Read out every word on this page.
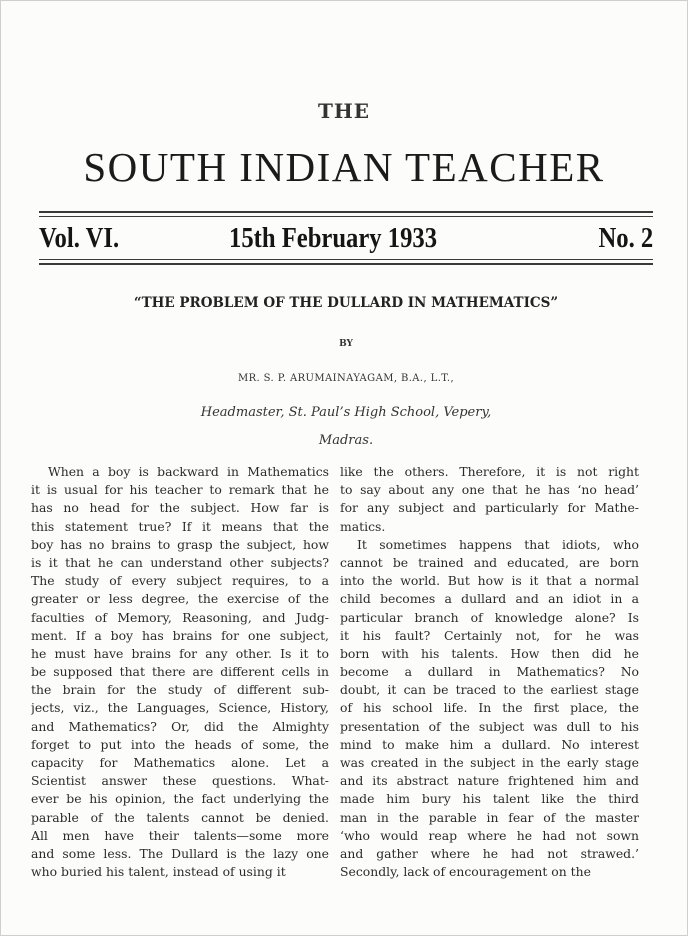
THE
SOUTH INDIAN TEACHER
Vol. VI.	15th February 1933	No. 2
“THE PROBLEM OF THE DULLARD IN MATHEMATICS”
BY
MR. S. P. ARUMAINAYAGAM, B.A., L.T.,
Headmaster, St. Paul’s High School, Vepery,
Madras.
When a boy is backward in Mathematics
it is usual for his teacher to remark that he
has no head for the subject. How far is
this statement true? If it means that the
boy has no brains to grasp the subject, how
is it that he can understand other subjects?
The study of every subject requires, to a
greater or less degree, the exercise of the
faculties of Memory, Reasoning, and Judg-
ment. If a boy has brains for one subject,
he must have brains for any other. Is it to
be supposed that there are different cells in
the brain for the study of different sub-
jects, viz., the Languages, Science, History,
and Mathematics? Or, did the Almighty
forget to put into the heads of some, the
capacity for Mathematics alone. Let a
Scientist answer these questions. What-
ever be his opinion, the fact underlying the
parable of the talents cannot be denied.
All men have their talents—some more
and some less. The Dullard is the lazy one
who buried his talent, instead of using it
like the others. Therefore, it is not right
to say about any one that he has ‘no head’
for any subject and particularly for Mathe-
matics.
It sometimes happens that idiots, who
cannot be trained and educated, are born
into the world. But how is it that a normal
child becomes a dullard and an idiot in a
particular branch of knowledge alone? Is
it his fault? Certainly not, for he was
born with his talents. How then did he
become a dullard in Mathematics? No
doubt, it can be traced to the earliest stage
of his school life. In the first place, the
presentation of the subject was dull to his
mind to make him a dullard. No interest
was created in the subject in the early stage
and its abstract nature frightened him and
made him bury his talent like the third
man in the parable in fear of the master
‘who would reap where he had not sown
and gather where he had not strawed.’
Secondly, lack of encouragement on the
